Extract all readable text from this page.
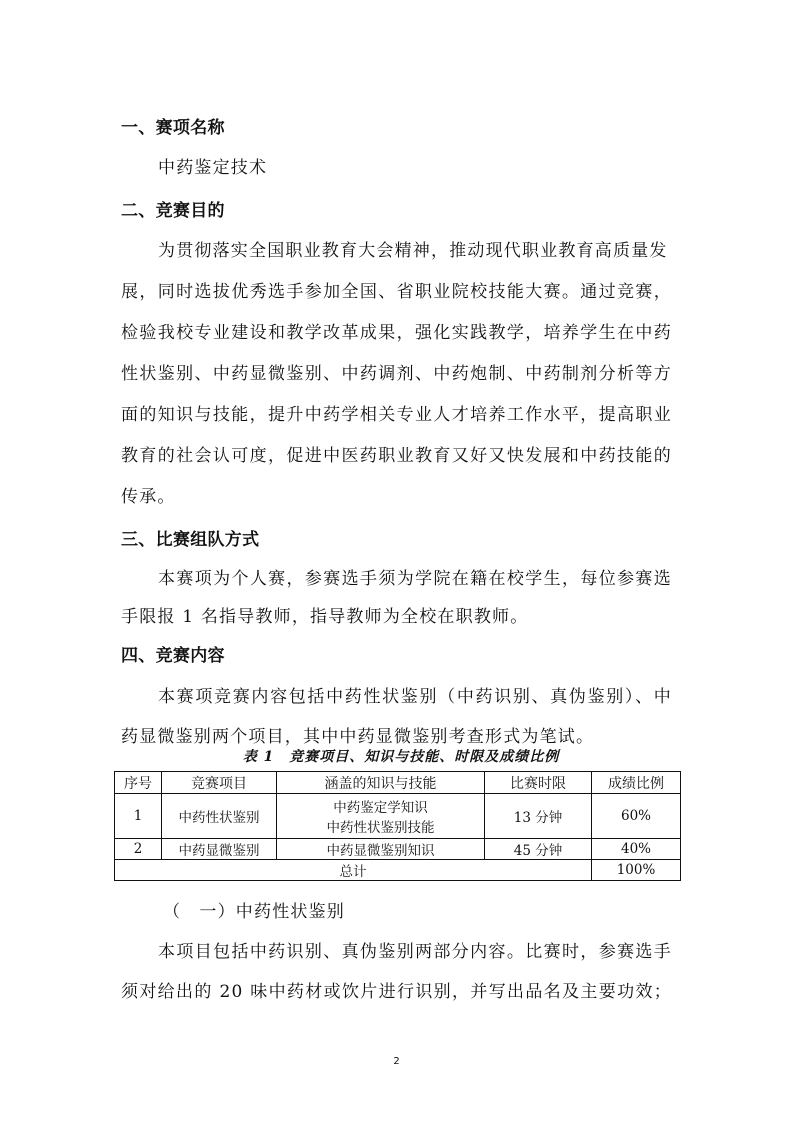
一、赛项名称
中药鉴定技术
二、竞赛目的
为贯彻落实全国职业教育大会精神，推动现代职业教育高质量发
展，同时选拔优秀选手参加全国、省职业院校技能大赛。通过竞赛，
检验我校专业建设和教学改革成果，强化实践教学，培养学生在中药
性状鉴别、中药显微鉴别、中药调剂、中药炮制、中药制剂分析等方
面的知识与技能，提升中药学相关专业人才培养工作水平，提高职业
教育的社会认可度，促进中医药职业教育又好又快发展和中药技能的
传承。
三、比赛组队方式
本赛项为个人赛，参赛选手须为学院在籍在校学生，每位参赛选
手限报 1 名指导教师，指导教师为全校在职教师。
四、竞赛内容
本赛项竞赛内容包括中药性状鉴别（中药识别、真伪鉴别）、中
药显微鉴别两个项目，其中中药显微鉴别考查形式为笔试。
表 1　竞赛项目、知识与技能、时限及成绩比例
序号	竞赛项目	涵盖的知识与技能	比赛时限	成绩比例
1	中药性状鉴别	中药鉴定学知识
中药性状鉴别技能	13 分钟	60%
2	中药显微鉴别	中药显微鉴别知识	45 分钟	40%
总计				100%
（　一）中药性状鉴别
本项目包括中药识别、真伪鉴别两部分内容。比赛时，参赛选手
须对给出的 20 味中药材或饮片进行识别，并写出品名及主要功效；
2
